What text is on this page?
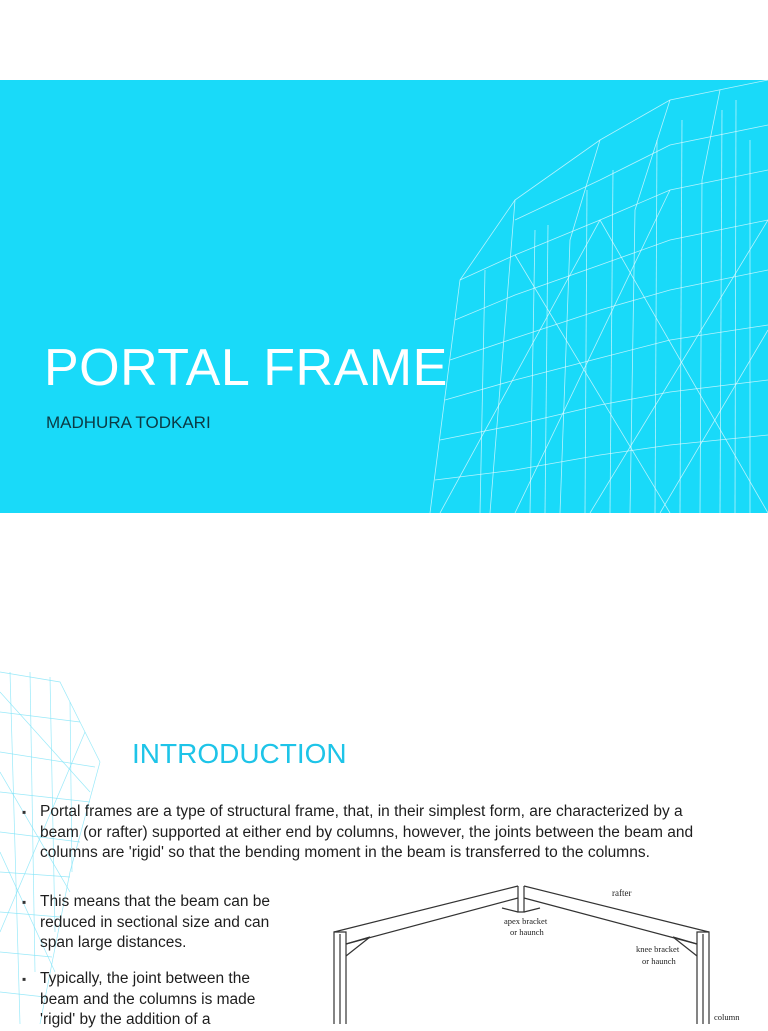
PORTAL FRAME
MADHURA TODKARI
INTRODUCTION
▪ Portal frames are a type of structural frame, that, in their simplest form, are characterized by a beam (or rafter) supported at either end by columns, however, the joints between the beam and columns are 'rigid' so that the bending moment in the beam is transferred to the columns.
▪ This means that the beam can be reduced in sectional size and can span large distances.
▪ Typically, the joint between the beam and the columns is made 'rigid' by the addition of a
rafter
apex bracket
or haunch
knee bracket
or haunch
column
